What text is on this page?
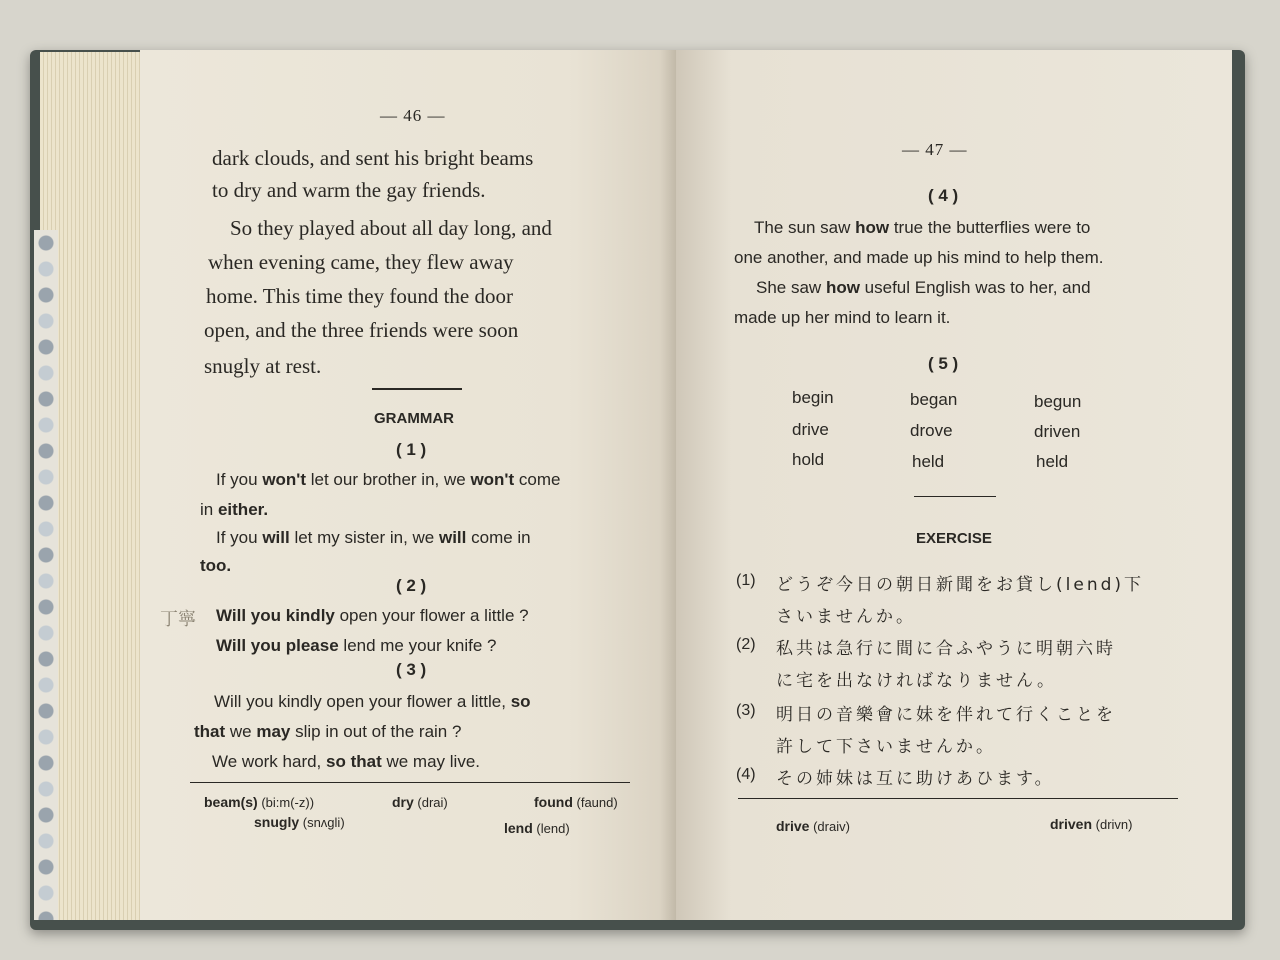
— 46 —
dark clouds, and sent his bright beams
to dry and warm the gay friends.
So they played about all day long, and
when evening came, they flew away
home. This time they found the door
open, and the three friends were soon
snugly at rest.
GRAMMAR
( 1 )
If you won't let our brother in, we won't come
in either.
If you will let my sister in, we will come in
too.
( 2 )
丁寧 Will you kindly open your flower a little ?
Will you please lend me your knife ?
( 3 )
Will you kindly open your flower a little, so
that we may slip in out of the rain ?
We work hard, so that we may live.
beam(s) (bi:m(-z))	dry (drai)	found (faund)
snugly (snʌgli)	lend (lend)
— 47 —
( 4 )
The sun saw how true the butterflies were to
one another, and made up his mind to help them.
She saw how useful English was to her, and
made up her mind to learn it.
( 5 )
begin	began	begun
drive	drove	driven
hold	held	held
EXERCISE
(1) どうぞ今日の朝日新聞をお貸し(lend)下
さいませんか。
(2) 私共は急行に間に合ふやうに明朝六時
に宅を出なければなりません。
(3) 明日の音樂會に妹を伴れて行くことを
許して下さいませんか。
(4) その姉妹は互に助けあひます。
drive (draiv)	driven (drivn)
